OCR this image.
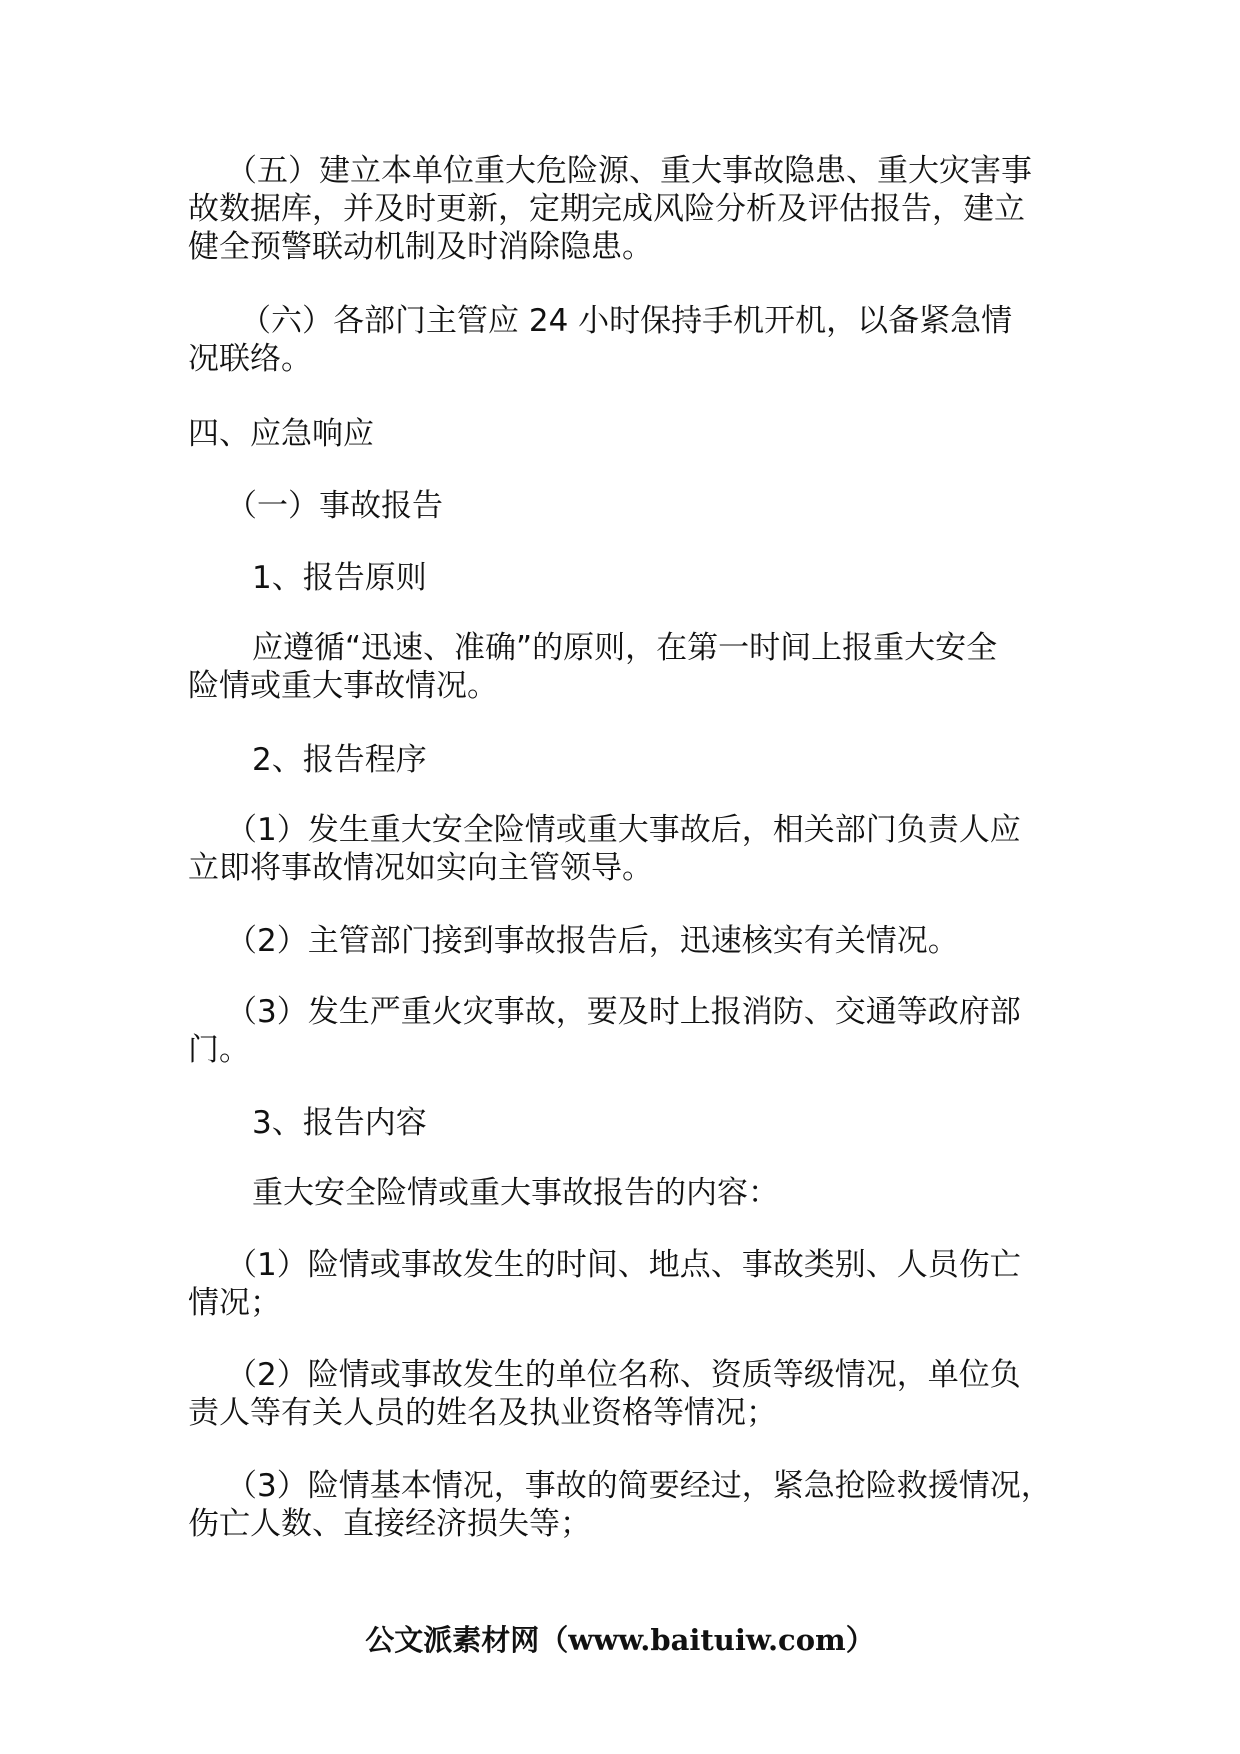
（五）建立本单位重大危险源、重大事故隐患、重大灾害事
故数据库，并及时更新，定期完成风险分析及评估报告，建立
健全预警联动机制及时消除隐患。

（六）各部门主管应 24 小时保持手机开机，以备紧急情
况联络。

四、应急响应

（一）事故报告

1、报告原则

应遵循“迅速、准确”的原则，在第一时间上报重大安全
险情或重大事故情况。

2、报告程序

（1）发生重大安全险情或重大事故后，相关部门负责人应
立即将事故情况如实向主管领导。

（2）主管部门接到事故报告后，迅速核实有关情况。

（3）发生严重火灾事故，要及时上报消防、交通等政府部
门。

3、报告内容

重大安全险情或重大事故报告的内容：

（1）险情或事故发生的时间、地点、事故类别、人员伤亡
情况；

（2）险情或事故发生的单位名称、资质等级情况，单位负
责人等有关人员的姓名及执业资格等情况；

（3）险情基本情况，事故的简要经过，紧急抢险救援情况，
伤亡人数、直接经济损失等；

公文派素材网（www.baituiw.com）
